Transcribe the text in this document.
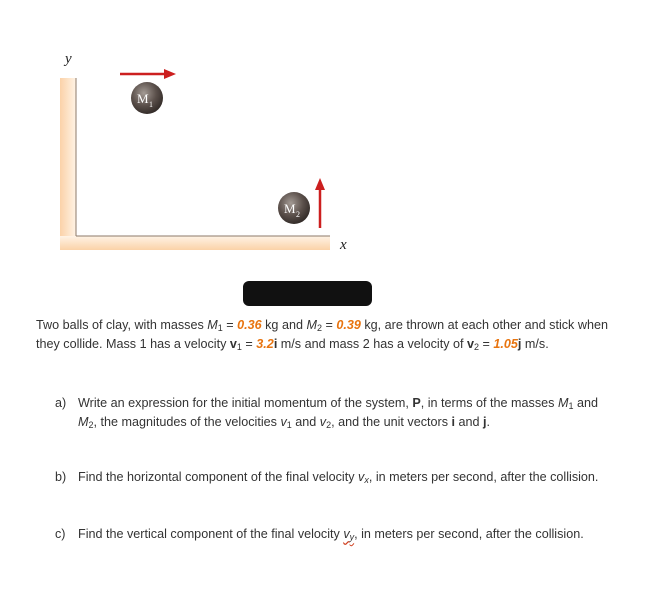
M 1
M 2
y
x

Two balls of clay, with masses $M_1 = 0.36$ kg and $M_2 = 0.39$ kg, are thrown at each other and stick when they collide. Mass 1 has a velocity $v_1 = 3.2i$ m/s and mass 2 has a velocity of $v_2 = 1.05j$ m/s.

a) Write an expression for the initial momentum of the system, P, in terms of the masses $M_1$ and $M_2$, the magnitudes of the velocities $v_1$ and $v_2$, and the unit vectors i and j.
b) Find the horizontal component of the final velocity $v_x$, in meters per second, after the collision.
c) Find the vertical component of the final velocity $v_y$, in meters per second, after the collision.
